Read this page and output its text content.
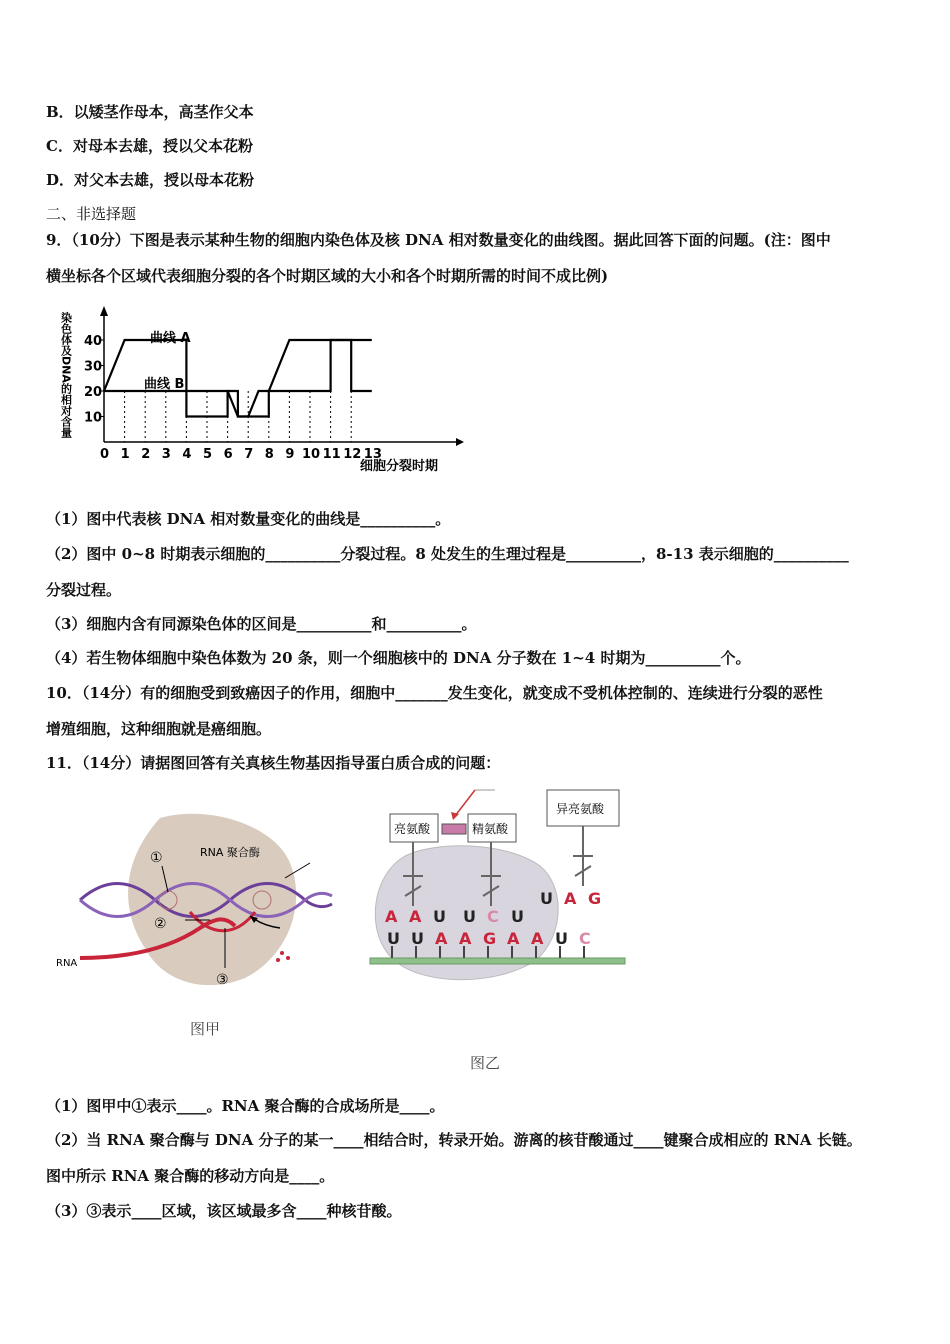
B．以矮茎作母本，高茎作父本
C．对母本去雄，授以父本花粉
D．对父本去雄，授以母本花粉
二、非选择题
9．（10分）下图是表示某种生物的细胞内染色体及核 DNA 相对数量变化的曲线图。据此回答下面的问题。(注：图中
横坐标各个区域代表细胞分裂的各个时期区域的大小和各个时期所需的时间不成比例)
染色体及DNA的相对含量 10
20
30
40
0 1 2 3 4 5 6 7 8 9 10 11 12 13
曲线 A
曲线 B
细胞分裂时期
（1）图中代表核 DNA 相对数量变化的曲线是__________。
（2）图中 0~8 时期表示细胞的__________分裂过程。8 处发生的生理过程是__________，8-13 表示细胞的__________
分裂过程。
（3）细胞内含有同源染色体的区间是__________和__________。
（4）若生物体细胞中染色体数为 20 条，则一个细胞核中的 DNA 分子数在 1~4 时期为__________个。
10．（14分）有的细胞受到致癌因子的作用，细胞中_______发生变化，就变成不受机体控制的、连续进行分裂的恶性
增殖细胞，这种细胞就是癌细胞。
11．（14分）请据图回答有关真核生物基因指导蛋白质合成的问题：
①	RNA 聚合酶
②
③
RNA
图甲
亮氨酸	精氨酸
异亮氨酸
A A U U C U
U A G
U U A A G A A U C
图乙
（1）图甲中①表示____。RNA 聚合酶的合成场所是____。
（2）当 RNA 聚合酶与 DNA 分子的某一____相结合时，转录开始。游离的核苷酸通过____键聚合成相应的 RNA 长链。
图中所示 RNA 聚合酶的移动方向是____。
（3）③表示____区域，该区域最多含____种核苷酸。
